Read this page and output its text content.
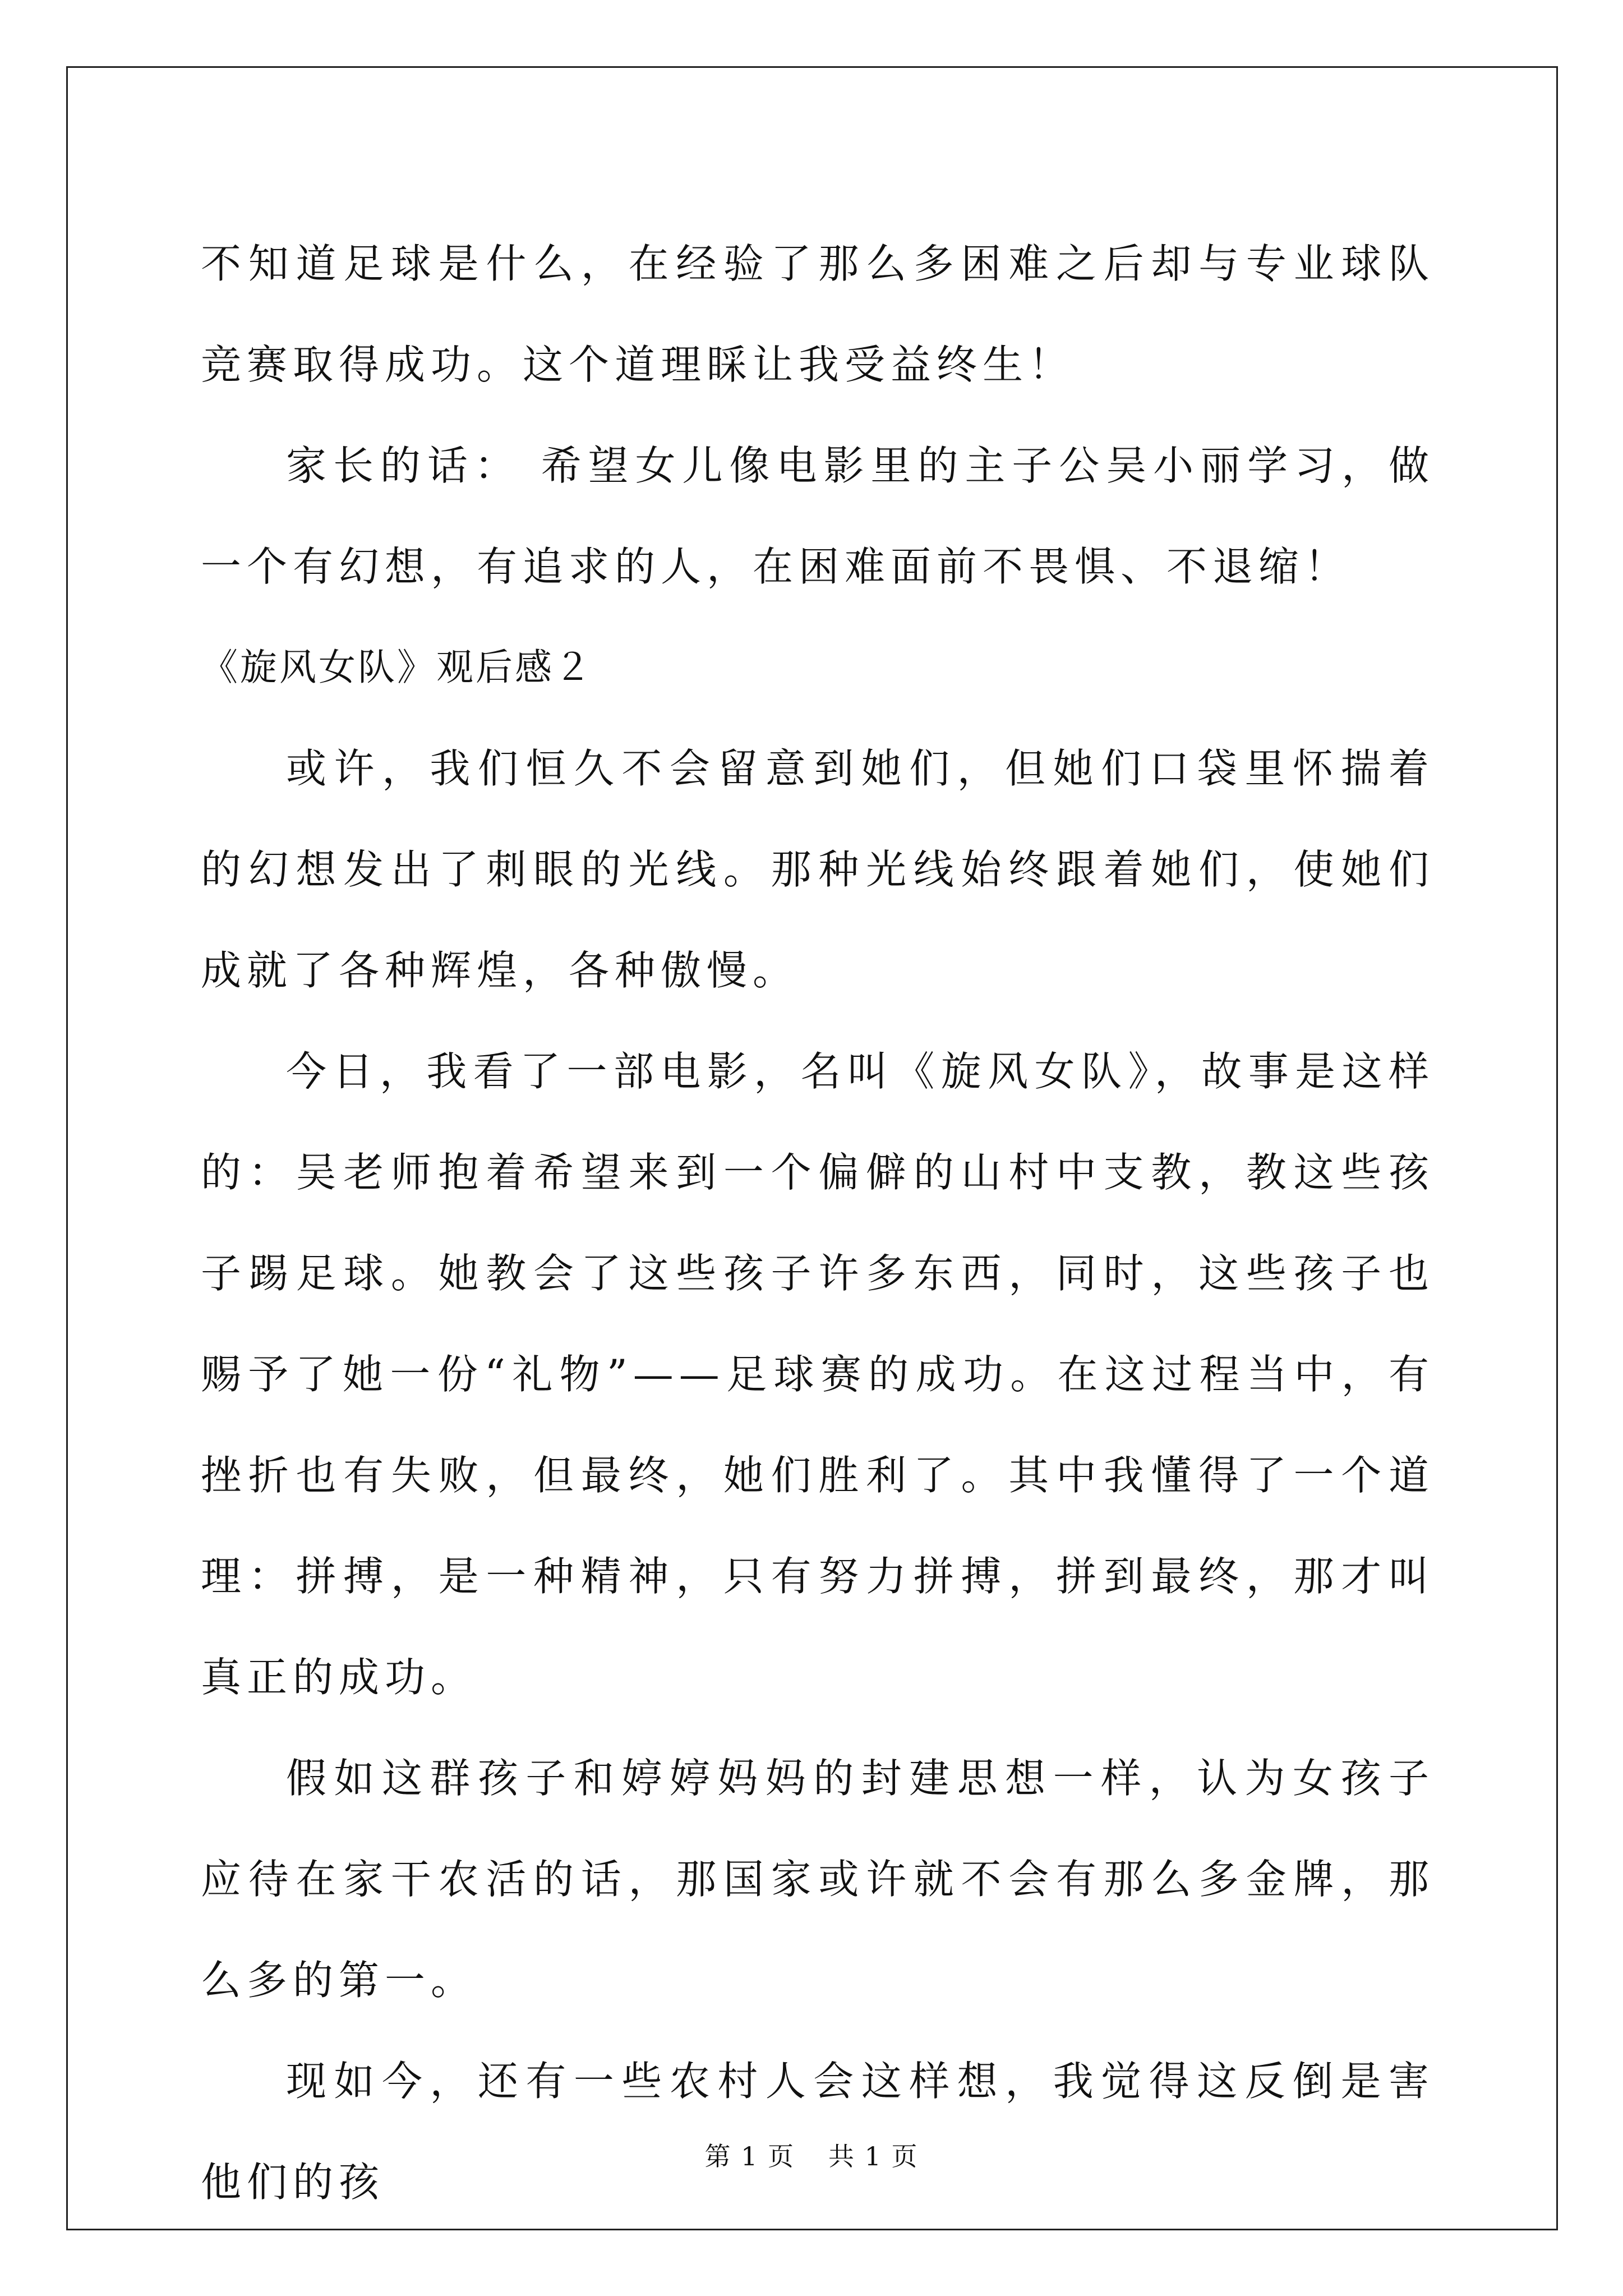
不知道足球是什么，在经验了那么多困难之后却与专业球队竞赛取得成功。这个道理睬让我受益终生！

家长的话： 希望女儿像电影里的主子公吴小丽学习，做一个有幻想，有追求的人，在困难面前不畏惧、不退缩！

《旋风女队》观后感２

或许，我们恒久不会留意到她们，但她们口袋里怀揣着的幻想发出了刺眼的光线。那种光线始终跟着她们，使她们成就了各种辉煌，各种傲慢。

今日，我看了一部电影，名叫《旋风女队》，故事是这样的：吴老师抱着希望来到一个偏僻的山村中支教，教这些孩子踢足球。她教会了这些孩子许多东西，同时，这些孩子也赐予了她一份“礼物”——足球赛的成功。在这过程当中，有挫折也有失败，但最终，她们胜利了。其中我懂得了一个道理：拼搏，是一种精神，只有努力拼搏，拼到最终，那才叫真正的成功。

假如这群孩子和婷婷妈妈的封建思想一样，认为女孩子应待在家干农活的话，那国家或许就不会有那么多金牌，那么多的第一。

现如今，还有一些农村人会这样想，我觉得这反倒是害他们的孩

第 1 页 共 1 页
